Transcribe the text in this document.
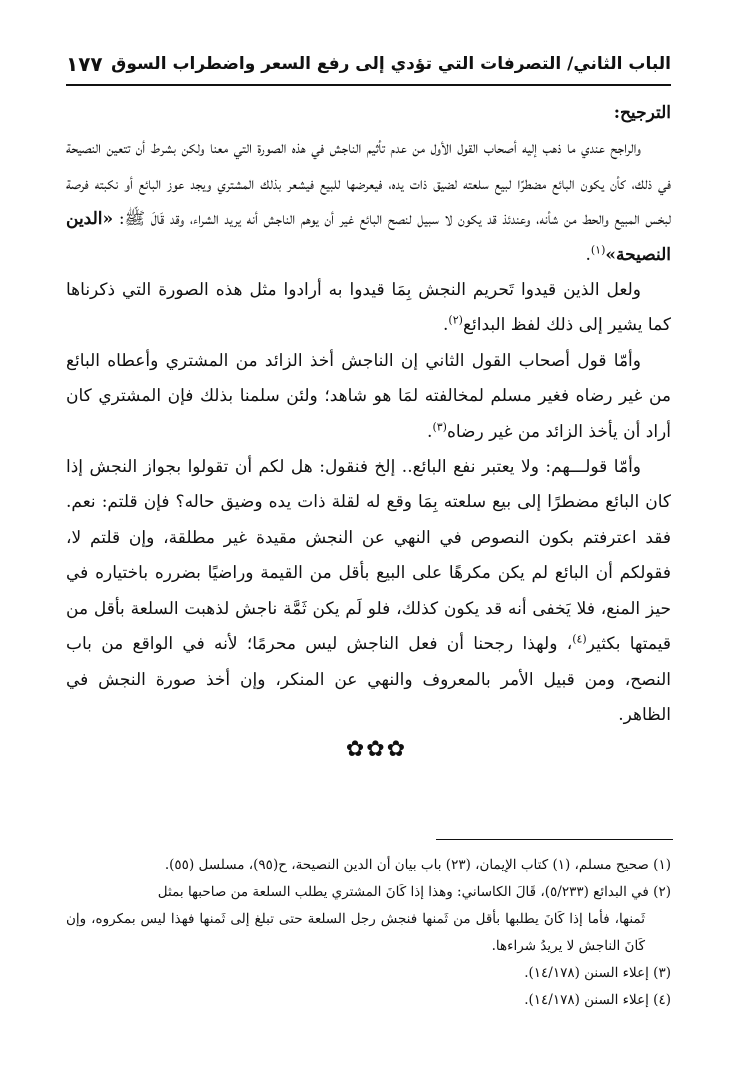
الباب الثاني/ التصرفات التي تؤدي إلى رفع السعر واضطراب السوق
١٧٧

الترجيح:

والراجح عندي ما ذهب إليه أصحاب القول الأول من عدم تأثيم الناجش في هذه الصورة التي معنا ولكن بشرط أن تتعين النصيحة في ذلك، كأن يكون البائع مضطرًا لبيع سلعته لضيق ذات يده، فيعرضها للبيع فيشعر بذلك المشتري ويجد عوز البائع أو نكبته فرصة لبخس المبيع والحط من شأنه، وعندئذ قد يكون لا سبيل لنصح البائع غير أن يوهم الناجش أنه يريد الشراء، وقد قَالَ ﷺ: «الدين النصيحة»$^{(١)}$.

ولعل الذين قيدوا تَحريم النجش بِمَا قيدوا به أرادوا مثل هذه الصورة التي ذكرناها كما يشير إلى ذلك لفظ البدائع$^{(٢)}$.

وأمّا قول أصحاب القول الثاني إن الناجش أخذ الزائد من المشتري وأعطاه البائع من غير رضاه فغير مسلم لمخالفته لمَا هو شاهد؛ ولئن سلمنا بذلك فإن المشتري كان أراد أن يأخذ الزائد من غير رضاه$^{(٣)}$.

وأمّا قولـــهم: ولا يعتبر نفع البائع.. إلخ فنقول: هل لكم أن تقولوا بجواز النجش إذا كان البائع مضطرًا إلى بيع سلعته بِمَا وقع له لقلة ذات يده وضيق حاله؟ فإن قلتم: نعم. فقد اعترفتم بكون النصوص في النهي عن النجش مقيدة غير مطلقة، وإن قلتم لا، فقولكم أن البائع لم يكن مكرهًا على البيع بأقل من القيمة وراضيًا بضرره باختياره في حيز المنع، فلا يَخفى أنه قد يكون كذلك، فلو لَم يكن ثَمَّة ناجش لذهبت السلعة بأقل من قيمتها بكثير$^{(٤)}$، ولهذا رجحنا أن فعل الناجش ليس محرمًا؛ لأنه في الواقع من باب النصح، ومن قبيل الأمر بالمعروف والنهي عن المنكر، وإن أخذ صورة النجش في الظاهر.

✿✿✿

(١) صحيح مسلم، (١) كتاب الإيمان، (٢٣) باب بيان أن الدين النصيحة، ح(٩٥)، مسلسل (٥٥).

(٢) في البدائع (٥/٢٣٣)، قَالَ الكاساني: وهذا إذا كَانَ المشتري يطلب السلعة من صاحبها بمثل

ثَمنها، فأما إذا كَانَ يطلبها بأقل من ثَمنها فنجش رجل السلعة حتى تبلغ إلى ثَمنها فهذا ليس بمكروه، وإن كَانَ الناجش لا يريدُ شراءها.

(٣) إعلاء السنن (١٤/١٧٨).

(٤) إعلاء السنن (١٤/١٧٨).
